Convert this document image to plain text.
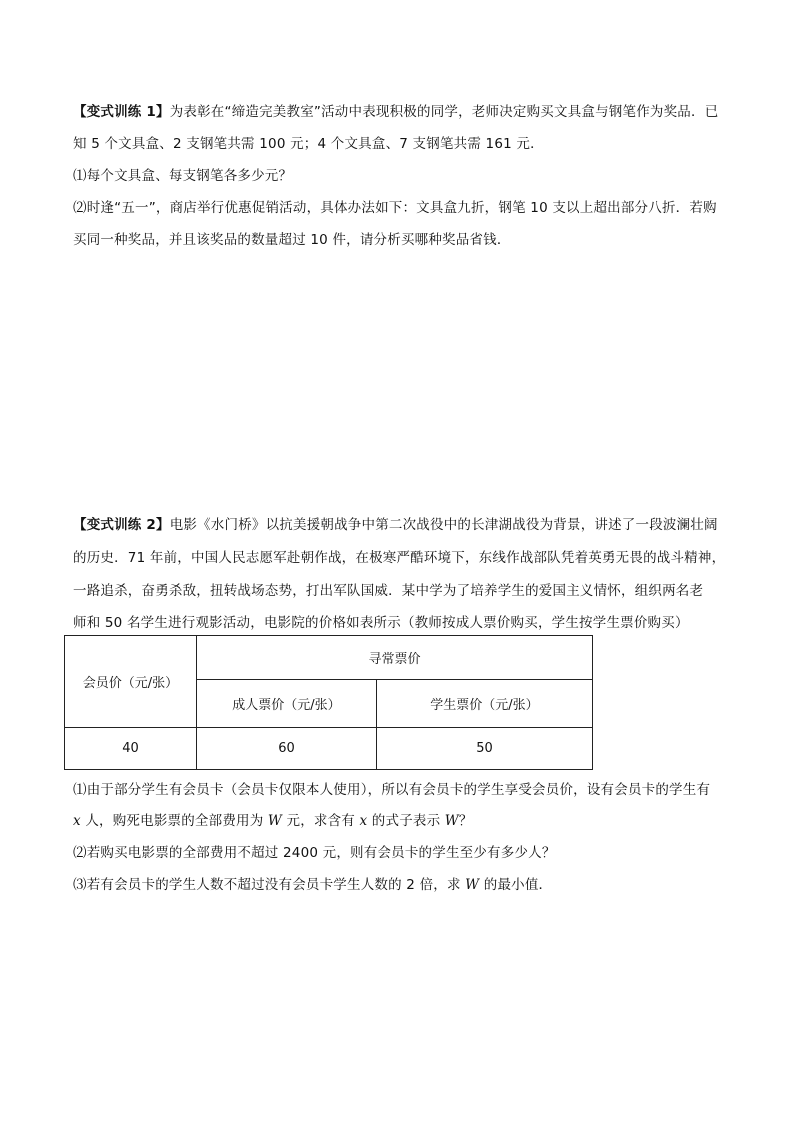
【变式训练 1】为表彰在“缔造完美教室”活动中表现积极的同学，老师决定购买文具盒与钢笔作为奖品．已
知 5 个文具盒、2 支钢笔共需 100 元；4 个文具盒、7 支钢笔共需 161 元．
⑴每个文具盒、每支钢笔各多少元？
⑵时逢“五一”，商店举行优惠促销活动，具体办法如下：文具盒九折，钢笔 10 支以上超出部分八折．若购
买同一种奖品，并且该奖品的数量超过 10 件，请分析买哪种奖品省钱．
【变式训练 2】电影《水门桥》以抗美援朝战争中第二次战役中的长津湖战役为背景，讲述了一段波澜壮阔
的历史．71 年前，中国人民志愿军赴朝作战，在极寒严酷环境下，东线作战部队凭着英勇无畏的战斗精神，
一路追杀，奋勇杀敌，扭转战场态势，打出军队国威．某中学为了培养学生的爱国主义情怀，组织两名老
师和 50 名学生进行观影活动，电影院的价格如表所示（教师按成人票价购买，学生按学生票价购买）
会员价（元/张）	寻常票价	
	成人票价（元/张）	学生票价（元/张）
40	60	50
⑴由于部分学生有会员卡（会员卡仅限本人使用），所以有会员卡的学生享受会员价，设有会员卡的学生有
x 人，购死电影票的全部费用为 W 元，求含有 x 的式子表示 W？
⑵若购买电影票的全部费用不超过 2400 元，则有会员卡的学生至少有多少人？
⑶若有会员卡的学生人数不超过没有会员卡学生人数的 2 倍，求 W 的最小值．
